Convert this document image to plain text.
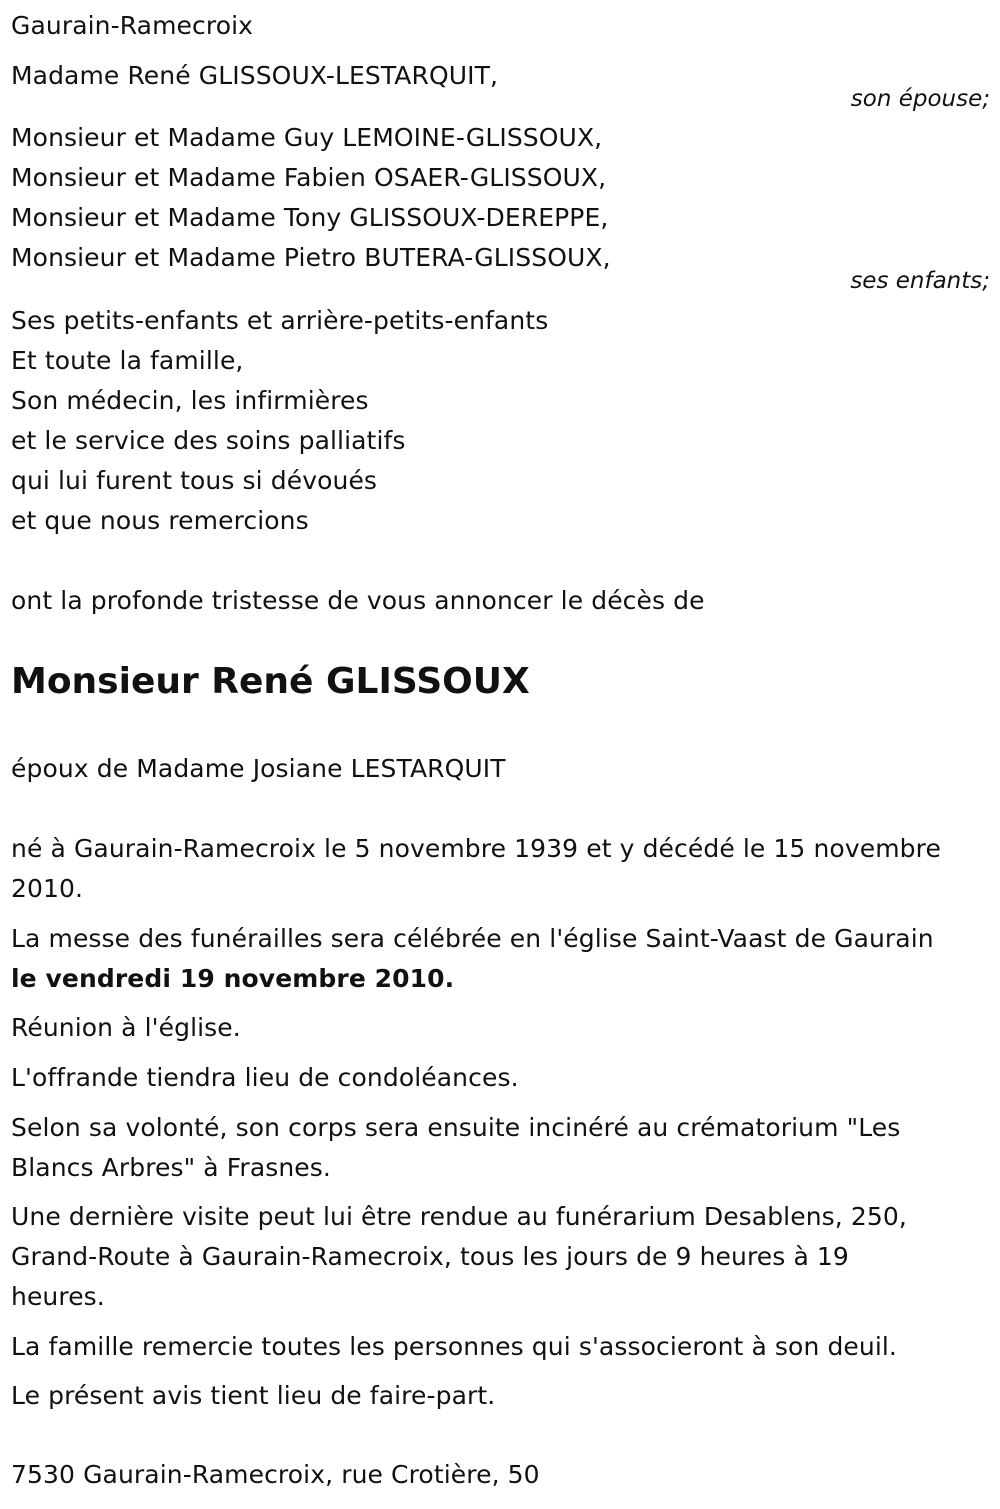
Gaurain-Ramecroix
Madame René GLISSOUX-LESTARQUIT,
son épouse;
Monsieur et Madame Guy LEMOINE-GLISSOUX,
Monsieur et Madame Fabien OSAER-GLISSOUX,
Monsieur et Madame Tony GLISSOUX-DEREPPE,
Monsieur et Madame Pietro BUTERA-GLISSOUX,
ses enfants;
Ses petits-enfants et arrière-petits-enfants
Et toute la famille,
Son médecin, les infirmières
et le service des soins palliatifs
qui lui furent tous si dévoués
et que nous remercions
ont la profonde tristesse de vous annoncer le décès de
Monsieur René GLISSOUX
époux de Madame Josiane LESTARQUIT
né à Gaurain-Ramecroix le 5 novembre 1939 et y décédé le 15 novembre
2010.
La messe des funérailles sera célébrée en l'église Saint-Vaast de Gaurain
le vendredi 19 novembre 2010.
Réunion à l'église.
L'offrande tiendra lieu de condoléances.
Selon sa volonté, son corps sera ensuite incinéré au crématorium "Les
Blancs Arbres" à Frasnes.
Une dernière visite peut lui être rendue au funérarium Desablens, 250,
Grand-Route à Gaurain-Ramecroix, tous les jours de 9 heures à 19
heures.
La famille remercie toutes les personnes qui s'associeront à son deuil.
Le présent avis tient lieu de faire-part.
7530 Gaurain-Ramecroix, rue Crotière, 50
